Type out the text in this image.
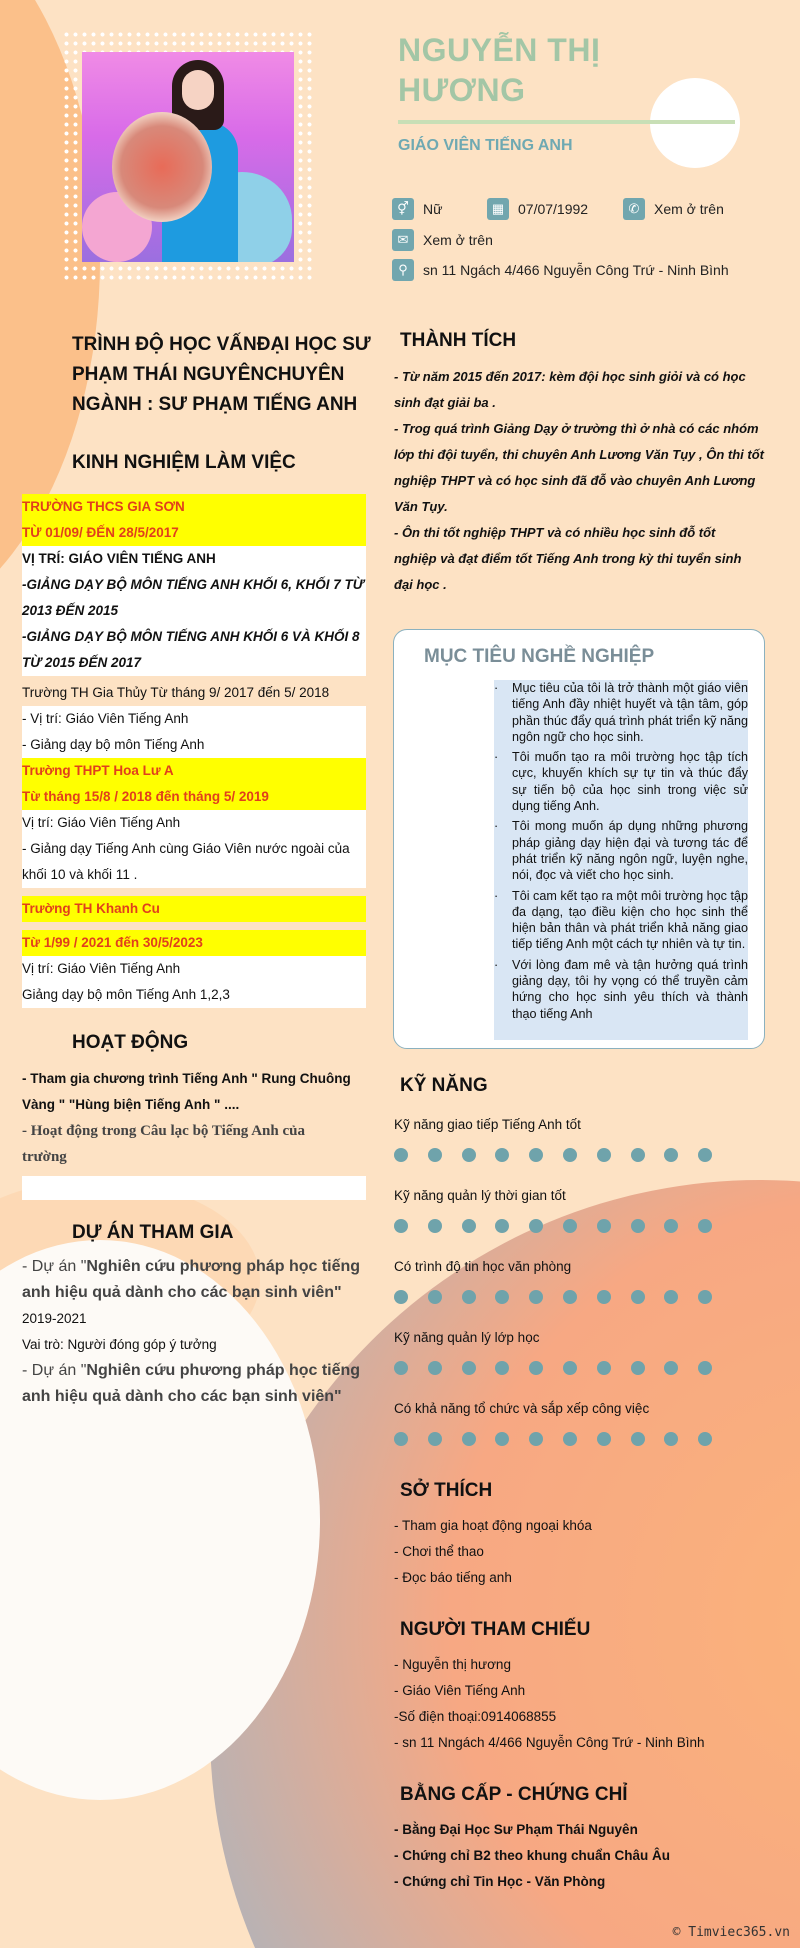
NGUYỄN THỊ
HƯƠNG
GIÁO VIÊN TIẾNG ANH
⚥	Nữ	▦ 07/07/1992	✆	Xem ở trên
✉	Xem ở trên
⚲	sn 11 Ngách 4/466 Nguyễn Công Trứ - Ninh Bình
TRÌNH ĐỘ HỌC VẤNĐẠI HỌC SƯ
PHẠM THÁI NGUYÊNCHUYÊN
NGÀNH : SƯ PHẠM TIẾNG ANH
KINH NGHIỆM LÀM VIỆC
TRƯỜNG THCS GIA SƠN
TỪ 01/09/ ĐẾN 28/5/2017
VỊ TRÍ: GIÁO VIÊN TIẾNG ANH
-GIẢNG DẠY BỘ MÔN TIẾNG ANH KHỐI 6, KHỐI 7 TỪ
2013 ĐẾN 2015
-GIẢNG DẠY BỘ MÔN TIẾNG ANH KHỐI 6 VÀ KHỐI 8
TỪ 2015 ĐẾN 2017
Trường TH Gia Thủy Từ tháng 9/ 2017 đến 5/ 2018
- Vị trí: Giáo Viên Tiếng Anh
- Giảng dạy bộ môn Tiếng Anh
Trường THPT Hoa Lư A
Từ tháng 15/8 / 2018 đến tháng 5/ 2019
Vị trí: Giáo Viên Tiếng Anh
- Giảng dạy Tiếng Anh cùng Giáo Viên nước ngoài của
khối 10 và khối 11 .
Trường TH Khanh Cu
Từ 1/99 / 2021 đến 30/5/2023
Vị trí: Giáo Viên Tiếng Anh
Giảng dạy bộ môn Tiếng Anh 1,2,3
HOẠT ĐỘNG
- Tham gia chương trình Tiếng Anh " Rung Chuông
Vàng " "Hùng biện Tiếng Anh " ....
- Hoạt động trong Câu lạc bộ Tiếng Anh của
trường
DỰ ÁN THAM GIA
- Dự án "Nghiên cứu phương pháp học tiếng
anh hiệu quả dành cho các bạn sinh viên"
2019-2021
Vai trò: Người đóng góp ý tưởng
- Dự án "Nghiên cứu phương pháp học tiếng
anh hiệu quả dành cho các bạn sinh viên"
THÀNH TÍCH
- Từ năm 2015 đến 2017: kèm đội học sinh giỏi và có học
sinh đạt giải ba .
- Trog quá trình Giảng Dạy ở trường thì ở nhà có các nhóm
lớp thi đội tuyển, thi chuyên Anh Lương Văn Tụy , Ôn thi tốt
nghiệp THPT và có học sinh đã đỗ vào chuyên Anh Lương
Văn Tụy.
- Ôn thi tốt nghiệp THPT và có nhiều học sinh đỗ tốt
nghiệp và đạt điểm tốt Tiếng Anh trong kỳ thi tuyển sinh
đại học .
MỤC TIÊU NGHỀ NGHIỆP

· Mục tiêu của tôi là trở thành một giáo viên tiếng Anh đầy nhiệt huyết và tận tâm, góp phần thúc đẩy quá trình phát triển kỹ năng ngôn ngữ cho học sinh.

· Tôi muốn tạo ra môi trường học tập tích cực, khuyến khích sự tự tin và thúc đẩy sự tiến bộ của học sinh trong việc sử dụng tiếng Anh.

· Tôi mong muốn áp dụng những phương pháp giảng dạy hiện đại và tương tác để phát triển kỹ năng ngôn ngữ, luyện nghe, nói, đọc và viết cho học sinh.

· Tôi cam kết tạo ra một môi trường học tập đa dạng, tạo điều kiện cho học sinh thể hiện bản thân và phát triển khả năng giao tiếp tiếng Anh một cách tự nhiên và tự tin.

· Với lòng đam mê và tận hưởng quá trình giảng dạy, tôi hy vọng có thể truyền cảm hứng cho học sinh yêu thích và thành thạo tiếng Anh

KỸ NĂNG
Kỹ năng giao tiếp Tiếng Anh tốt
Kỹ năng quản lý thời gian tốt
Có trình độ tin học văn phòng
Kỹ năng quản lý lớp học
Có khả năng tổ chức và sắp xếp công việc
SỞ THÍCH
- Tham gia hoạt động ngoại khóa
- Chơi thể thao
- Đọc báo tiếng anh
NGƯỜI THAM CHIẾU
- Nguyễn thị hương
- Giáo Viên Tiếng Anh
-Số điện thoại:0914068855
- sn 11 Nngách 4/466 Nguyễn Công Trứ - Ninh Bình
BẰNG CẤP - CHỨNG CHỈ
- Bằng Đại Học Sư Phạm Thái Nguyên
- Chứng chỉ B2 theo khung chuẩn Châu Âu
- Chứng chỉ Tin Học - Văn Phòng
© Timviec365.vn
